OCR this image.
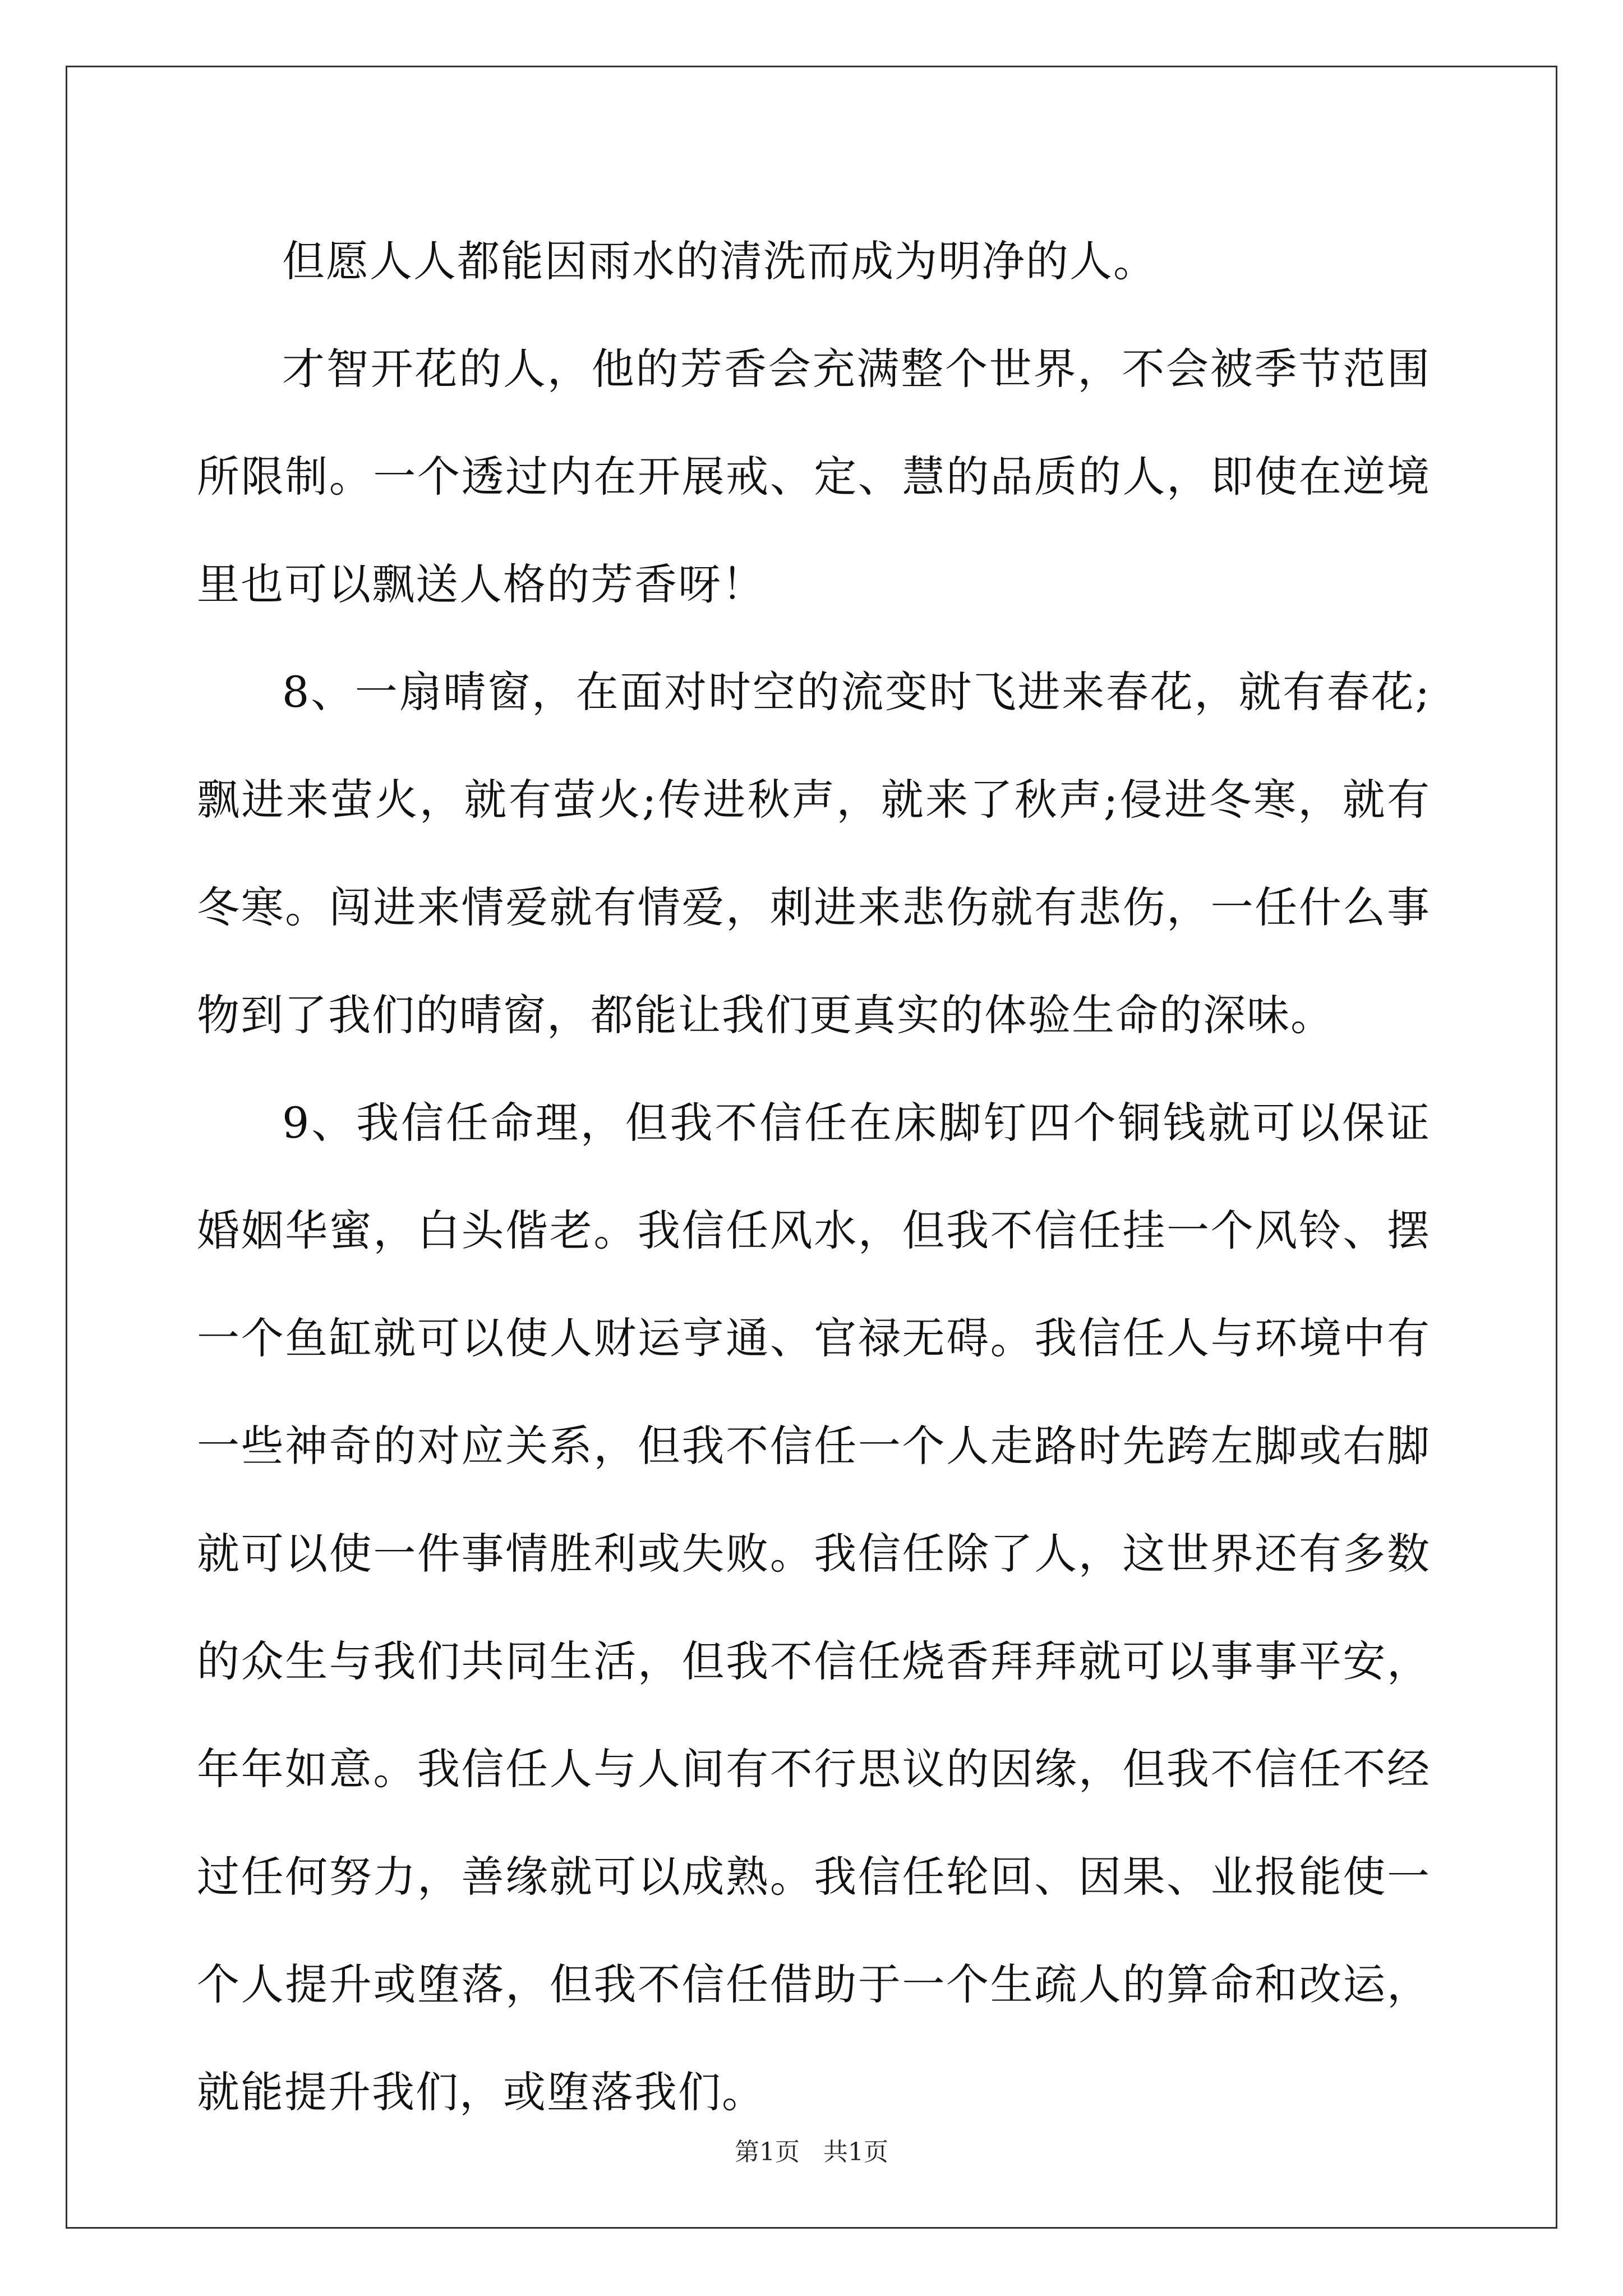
但愿人人都能因雨水的清洗而成为明净的人。

才智开花的人，他的芳香会充满整个世界，不会被季节范围所限制。一个透过内在开展戒、定、慧的品质的人，即使在逆境里也可以飘送人格的芳香呀！

8、一扇晴窗，在面对时空的流变时飞进来春花，就有春花;飘进来萤火，就有萤火;传进秋声，就来了秋声;侵进冬寒，就有冬寒。闯进来情爱就有情爱，刺进来悲伤就有悲伤，一任什么事物到了我们的晴窗，都能让我们更真实的体验生命的深味。

9、我信任命理，但我不信任在床脚钉四个铜钱就可以保证婚姻华蜜，白头偕老。我信任风水，但我不信任挂一个风铃、摆一个鱼缸就可以使人财运亨通、官禄无碍。我信任人与环境中有一些神奇的对应关系，但我不信任一个人走路时先跨左脚或右脚就可以使一件事情胜利或失败。我信任除了人，这世界还有多数的众生与我们共同生活，但我不信任烧香拜拜就可以事事平安，年年如意。我信任人与人间有不行思议的因缘，但我不信任不经过任何努力，善缘就可以成熟。我信任轮回、因果、业报能使一个人提升或堕落，但我不信任借助于一个生疏人的算命和改运，就能提升我们，或堕落我们。

第1页   共1页
